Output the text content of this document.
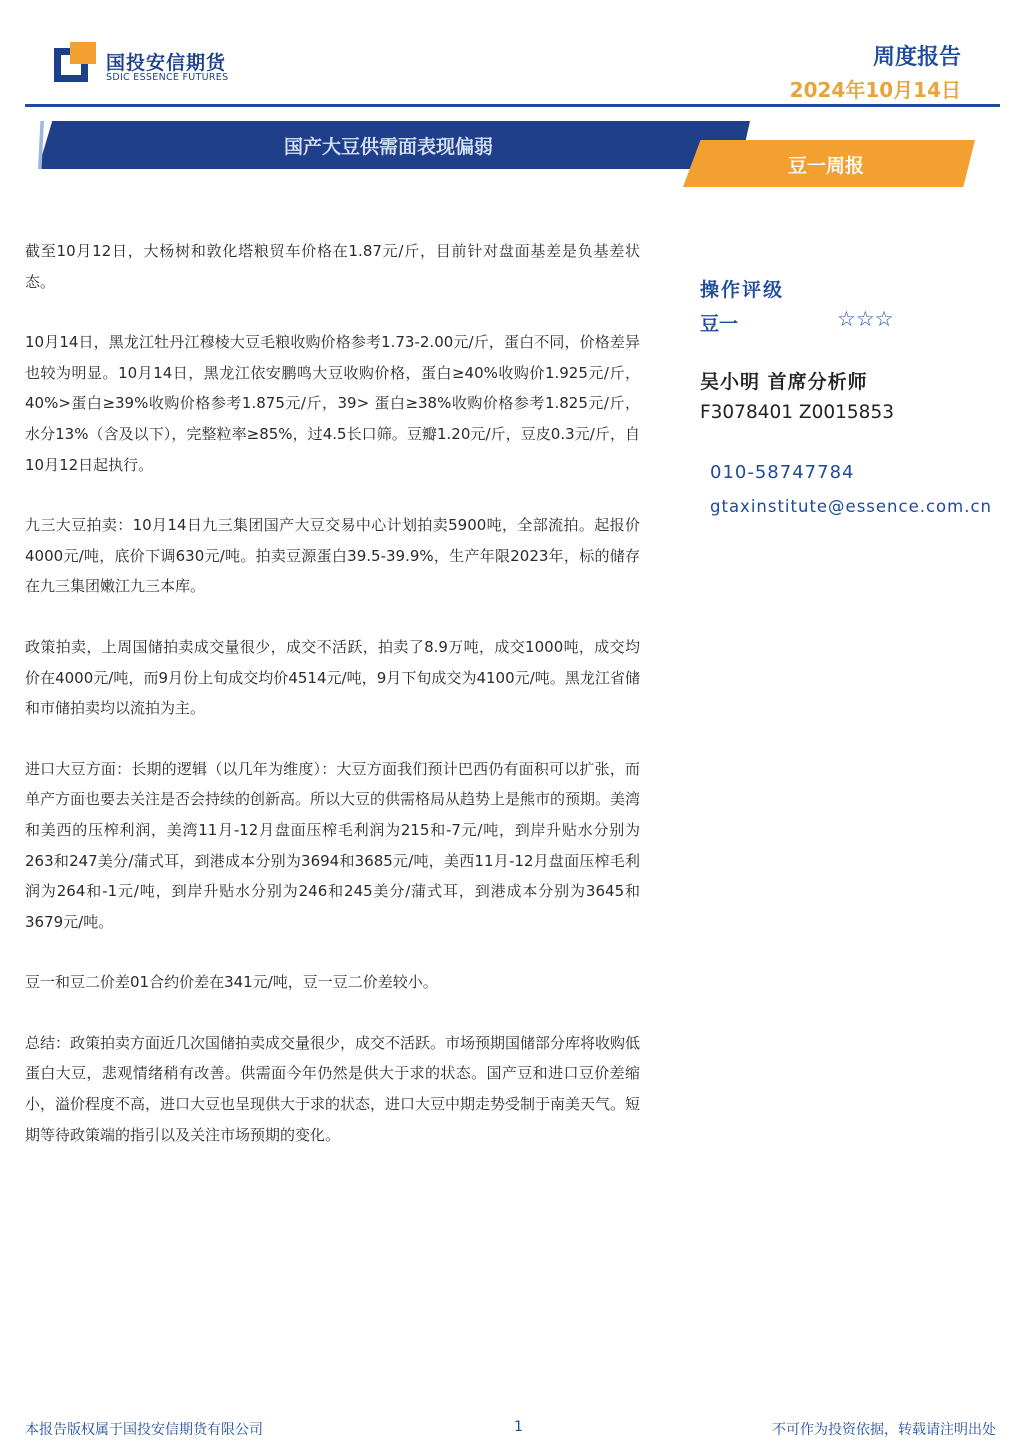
国投安信期货
SDIC ESSENCE FUTURES
周度报告
2024年10月14日
国产大豆供需面表现偏弱
豆一周报

截至10月12日，大杨树和敦化塔粮贸车价格在1.87元/斤，目前针对盘面基差是负基差状态。

10月14日，黑龙江牡丹江穆棱大豆毛粮收购价格参考1.73-2.00元/斤，蛋白不同，价格差异也较为明显。10月14日，黑龙江依安鹏鸣大豆收购价格，蛋白≥40%收购价1.925元/斤，40%>蛋白≥39%收购价格参考1.875元/斤，39> 蛋白≥38%收购价格参考1.825元/斤，水分13%（含及以下），完整粒率≥85%，过4.5长口筛。豆瓣1.20元/斤，豆皮0.3元/斤，自10月12日起执行。

九三大豆拍卖：10月14日九三集团国产大豆交易中心计划拍卖5900吨，全部流拍。起报价4000元/吨，底价下调630元/吨。拍卖豆源蛋白39.5-39.9%，生产年限2023年，标的储存在九三集团嫩江九三本库。

政策拍卖，上周国储拍卖成交量很少，成交不活跃，拍卖了8.9万吨，成交1000吨，成交均价在4000元/吨，而9月份上旬成交均价4514元/吨，9月下旬成交为4100元/吨。黑龙江省储和市储拍卖均以流拍为主。

进口大豆方面：长期的逻辑（以几年为维度）：大豆方面我们预计巴西仍有面积可以扩张，而单产方面也要去关注是否会持续的创新高。所以大豆的供需格局从趋势上是熊市的预期。美湾和美西的压榨利润，美湾11月-12月盘面压榨毛利润为215和-7元/吨，到岸升贴水分别为263和247美分/蒲式耳，到港成本分别为3694和3685元/吨，美西11月-12月盘面压榨毛利润为264和-1元/吨，到岸升贴水分别为246和245美分/蒲式耳，到港成本分别为3645和3679元/吨。

豆一和豆二价差01合约价差在341元/吨，豆一豆二价差较小。

总结：政策拍卖方面近几次国储拍卖成交量很少，成交不活跃。市场预期国储部分库将收购低蛋白大豆，悲观情绪稍有改善。供需面今年仍然是供大于求的状态。国产豆和进口豆价差缩小，溢价程度不高，进口大豆也呈现供大于求的状态，进口大豆中期走势受制于南美天气。短期等待政策端的指引以及关注市场预期的变化。

操作评级
豆一	☆☆☆
吴小明 首席分析师
F3078401 Z0015853
010-58747784
gtaxinstitute@essence.com.cn
本报告版权属于国投安信期货有限公司	1	不可作为投资依据，转载请注明出处
